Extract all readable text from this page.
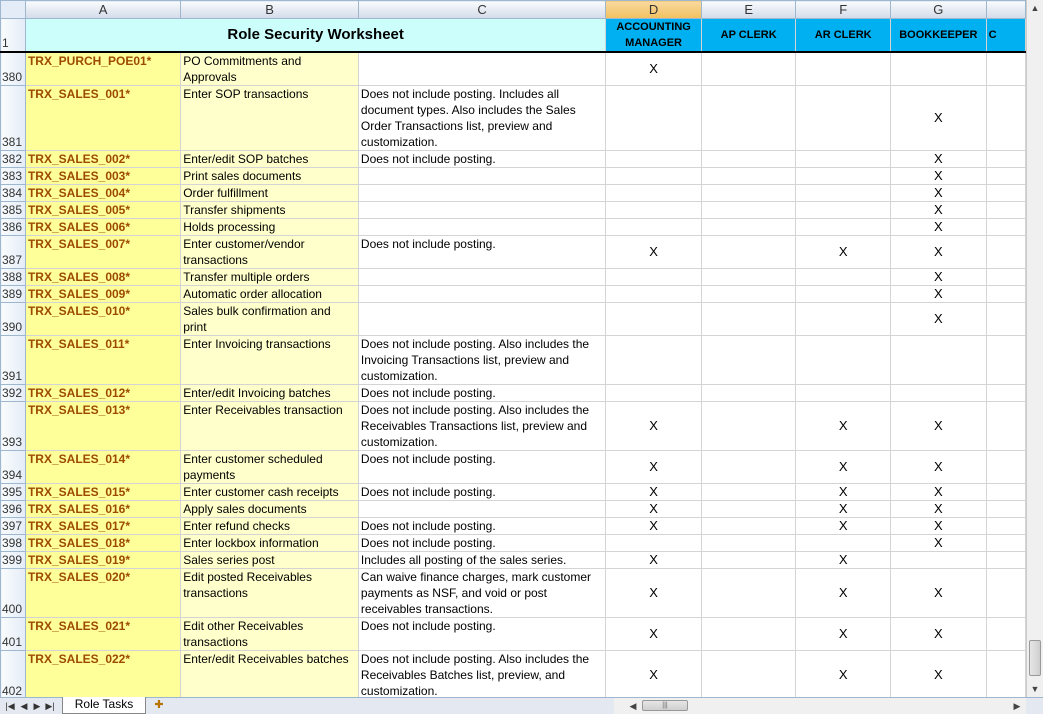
	A	B	C	D	E	F	G	
1	Role Security Worksheet			ACCOUNTING MANAGER	AP CLERK	AR CLERK	BOOKKEEPER	C
380	TRX_PURCH_POE01*	PO Commitments and Approvals		X				
381	TRX_SALES_001*	Enter SOP transactions	Does not include posting. Includes all document types. Also includes the Sales Order Transactions list, preview and customization.				X	
382	TRX_SALES_002*	Enter/edit SOP batches	Does not include posting.				X	
383	TRX_SALES_003*	Print sales documents					X	
384	TRX_SALES_004*	Order fulfillment					X	
385	TRX_SALES_005*	Transfer shipments					X	
386	TRX_SALES_006*	Holds processing					X	
387	TRX_SALES_007*	Enter customer/vendor transactions	Does not include posting.	X		X	X	
388	TRX_SALES_008*	Transfer multiple orders					X	
389	TRX_SALES_009*	Automatic order allocation					X	
390	TRX_SALES_010*	Sales bulk confirmation and print					X	
391	TRX_SALES_011*	Enter Invoicing transactions	Does not include posting. Also includes the Invoicing Transactions list, preview and customization.					
392	TRX_SALES_012*	Enter/edit Invoicing batches	Does not include posting.					
393	TRX_SALES_013*	Enter Receivables transaction	Does not include posting. Also includes the Receivables Transactions list, preview and customization.	X		X	X	
394	TRX_SALES_014*	Enter customer scheduled payments	Does not include posting.	X		X	X	
395	TRX_SALES_015*	Enter customer cash receipts	Does not include posting.	X		X	X	
396	TRX_SALES_016*	Apply sales documents		X		X	X	
397	TRX_SALES_017*	Enter refund checks	Does not include posting.	X		X	X	
398	TRX_SALES_018*	Enter lockbox information	Does not include posting.				X	
399	TRX_SALES_019*	Sales series post	Includes all posting of the sales series.	X		X		
400	TRX_SALES_020*	Edit posted Receivables transactions	Can waive finance charges, mark customer payments as NSF, and void or post receivables transactions.	X		X	X	
401	TRX_SALES_021*	Edit other Receivables transactions	Does not include posting.	X		X	X	
402	TRX_SALES_022*	Enter/edit Receivables batches	Does not include posting. Also includes the Receivables Batches list, preview, and customization.	X		X	X	

▲
▼
|◀ ◀ ▶ ▶|	Role Tasks	✚	◀	|||	▶
